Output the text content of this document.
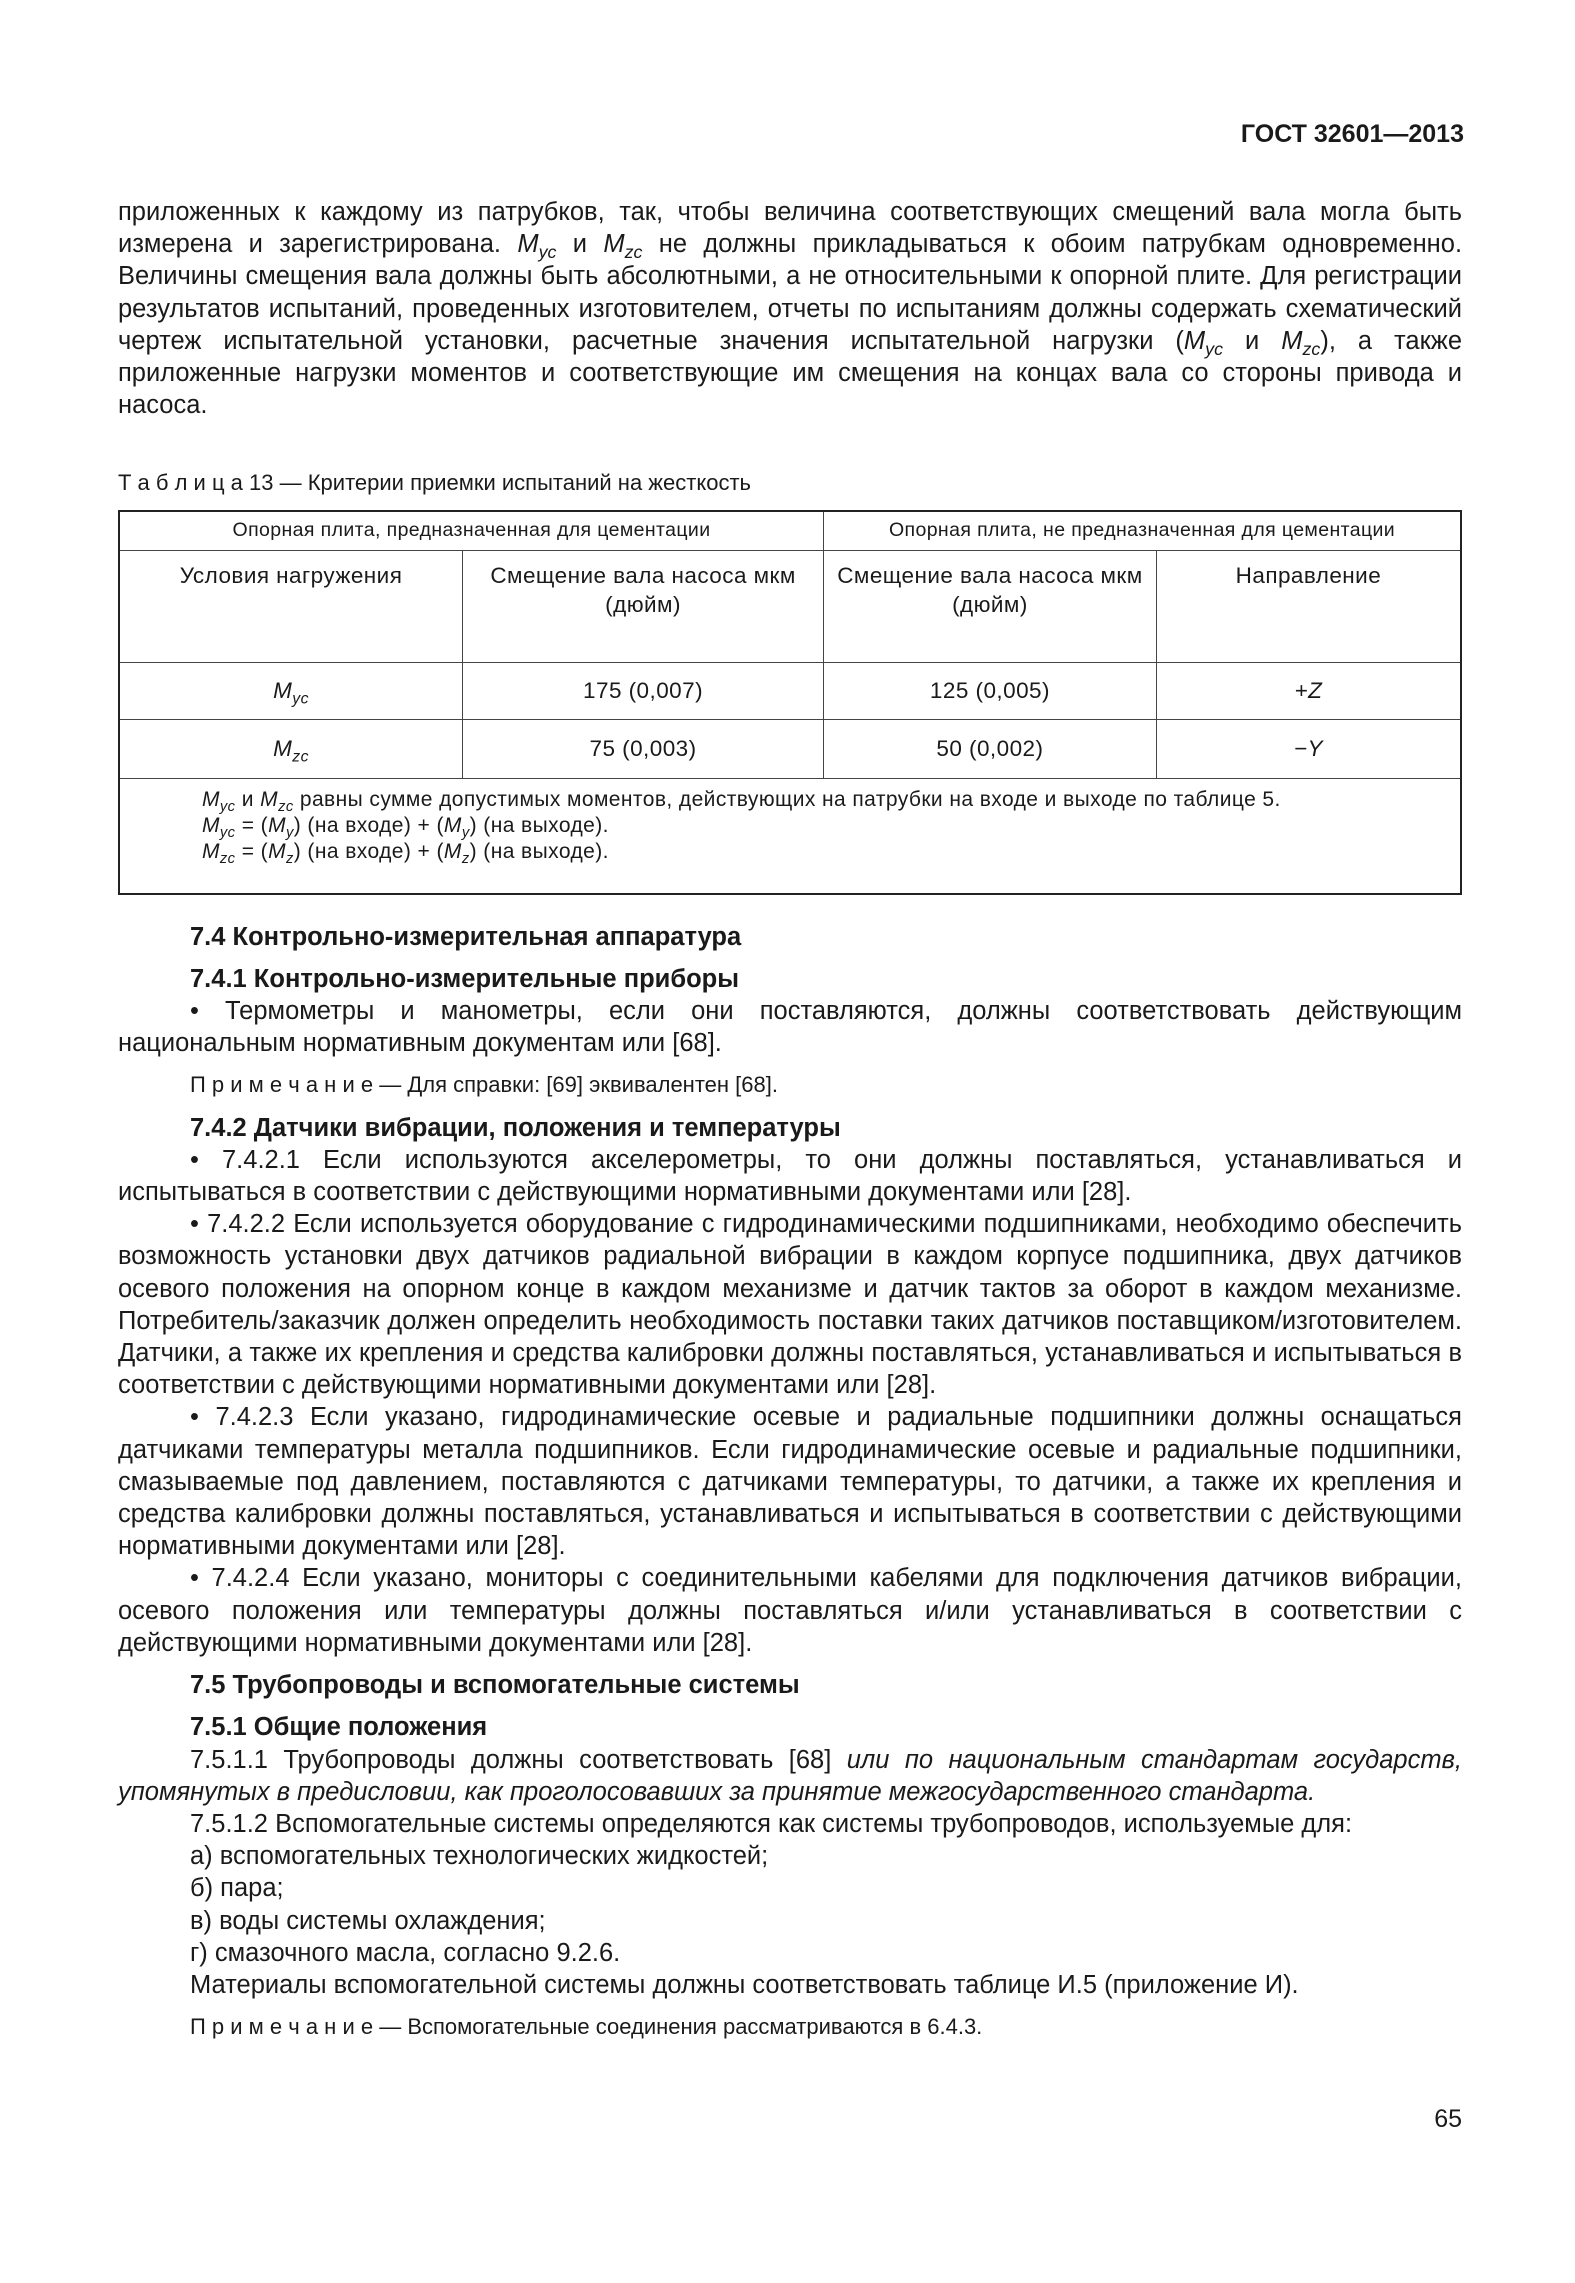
ГОСТ 32601—2013

приложенных к каждому из патрубков, так, чтобы величина соответствующих смещений вала могла быть измерена и зарегистрирована. $M_{yc}$ и $M_{zc}$ не должны прикладываться к обоим патрубкам одновременно. Величины смещения вала должны быть абсолютными, а не относительными к опорной плите. Для регистрации результатов испытаний, проведенных изготовителем, отчеты по испытаниям должны содержать схематический чертеж испытательной установки, расчетные значения испытательной нагрузки ($M_{yc}$ и $M_{zc}$), а также приложенные нагрузки моментов и соответствующие им смещения на концах вала со стороны привода и насоса.

Т а б л и ц а 13 — Критерии приемки испытаний на жесткость

Опорная плита, предназначенная для цементации		Опорная плита, не предназначенная для цементации	
Условия нагружения	Смещение вала насоса мкм (дюйм)	Смещение вала насоса мкм (дюйм)	Направление
$M_{yc}$	175 (0,007)	125 (0,005)	+Z
$M_{zc}$	75 (0,003)	50 (0,002)	−Y

$M_{yc}$ и $M_{zc}$ равны сумме допустимых моментов, действующих на патрубки на входе и выходе по таблице 5.
$M_{yc} = (M_y)$ (на входе) + $(M_y)$ (на выходе).
$M_{zc} = (M_z)$ (на входе) + $(M_z)$ (на выходе).			

7.4 Контрольно-измерительная аппаратура

7.4.1 Контрольно-измерительные приборы

• Термометры и манометры, если они поставляются, должны соответствовать действующим национальным нормативным документам или [68].

П р и м е ч а н и е — Для справки: [69] эквивалентен [68].

7.4.2 Датчики вибрации, положения и температуры

• 7.4.2.1 Если используются акселерометры, то они должны поставляться, устанавливаться и испытываться в соответствии с действующими нормативными документами или [28].

• 7.4.2.2 Если используется оборудование с гидродинамическими подшипниками, необходимо обеспечить возможность установки двух датчиков радиальной вибрации в каждом корпусе подшипника, двух датчиков осевого положения на опорном конце в каждом механизме и датчик тактов за оборот в каждом механизме. Потребитель/заказчик должен определить необходимость поставки таких датчиков поставщиком/изготовителем. Датчики, а также их крепления и средства калибровки должны поставляться, устанавливаться и испытываться в соответствии с действующими нормативными документами или [28].

• 7.4.2.3 Если указано, гидродинамические осевые и радиальные подшипники должны оснащаться датчиками температуры металла подшипников. Если гидродинамические осевые и радиальные подшипники, смазываемые под давлением, поставляются с датчиками температуры, то датчики, а также их крепления и средства калибровки должны поставляться, устанавливаться и испытываться в соответствии с действующими нормативными документами или [28].

• 7.4.2.4 Если указано, мониторы с соединительными кабелями для подключения датчиков вибрации, осевого положения или температуры должны поставляться и/или устанавливаться в соответствии с действующими нормативными документами или [28].

7.5 Трубопроводы и вспомогательные системы

7.5.1 Общие положения

7.5.1.1 Трубопроводы должны соответствовать [68] или по национальным стандартам государств, упомянутых в предисловии, как проголосовавших за принятие межгосударственного стандарта.

7.5.1.2 Вспомогательные системы определяются как системы трубопроводов, используемые для:

а) вспомогательных технологических жидкостей;

б) пара;

в) воды системы охлаждения;

г) смазочного масла, согласно 9.2.6.

Материалы вспомогательной системы должны соответствовать таблице И.5 (приложение И).

П р и м е ч а н и е — Вспомогательные соединения рассматриваются в 6.4.3.

65
